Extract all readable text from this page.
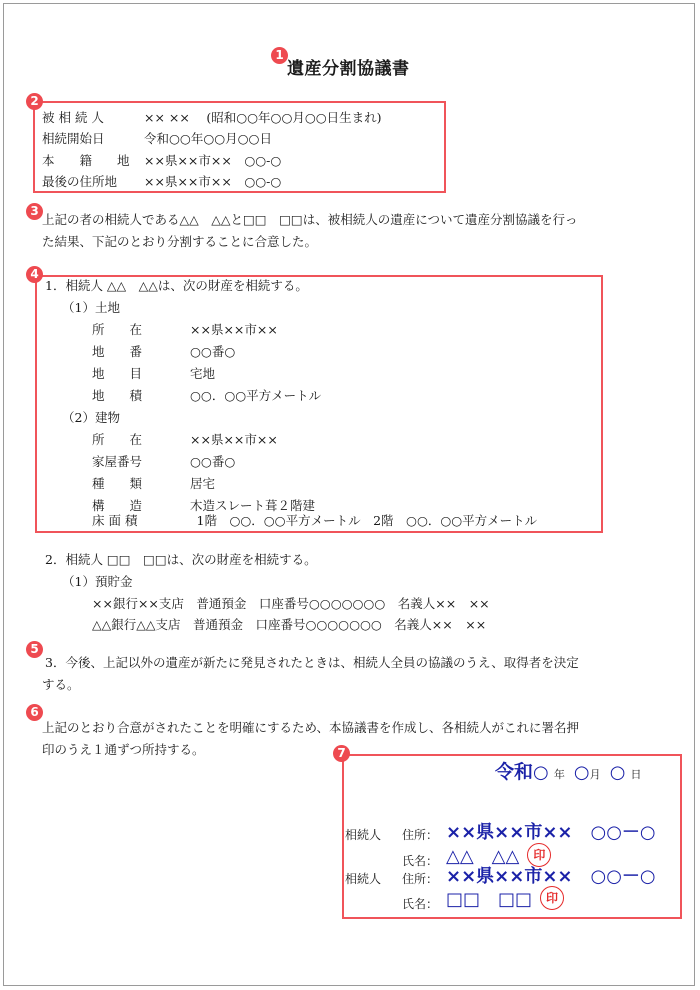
1
遺産分割協議書
2
被 相 続 人	×× ××　 (昭和○○年○○月○○日生まれ)
相続開始日	令和○○年○○月○○日
本　　籍　　地 ××県××市××　○○-○
最後の住所地 ××県××市××　○○-○
3
上記の者の相続人である△△　△△と□□　□□は、被相続人の遺産について遺産分割協議を行っ
た結果、下記のとおり分割することに合意した。
4
1．相続人 △△　△△は、次の財産を相続する。
（1）土地
所　　在	××県××市××
地　　番	○○番○
地　　目	宅地
地　　積	○○．○○平方メートル
（2）建物
所　　在	××県××市××
家屋番号	○○番○
種　　類	居宅
構　　造	木造スレート葺２階建
床 面 積	　1階　○○．○○平方メートル　2階　○○．○○平方メートル
2．相続人 □□　□□は、次の財産を相続する。
（1）預貯金
××銀行××支店　普通預金　口座番号○○○○○○○　名義人××　××
△△銀行△△支店　普通預金　口座番号○○○○○○○　名義人××　××
5
3．今後、上記以外の遺産が新たに発見されたときは、相続人全員の協議のうえ、取得者を決定
する。
6
上記のとおり合意がされたことを明確にするため、本協議書を作成し、各相続人がこれに署名押
印のうえ１通ずつ所持する。	7
令和○ 年 ○月 ○ 日
相続人 住所： ××県××市××　○○－○
氏名： △△　△△ 印
相続人 住所： ××県××市××　○○－○
氏名： □□　□□ 印
